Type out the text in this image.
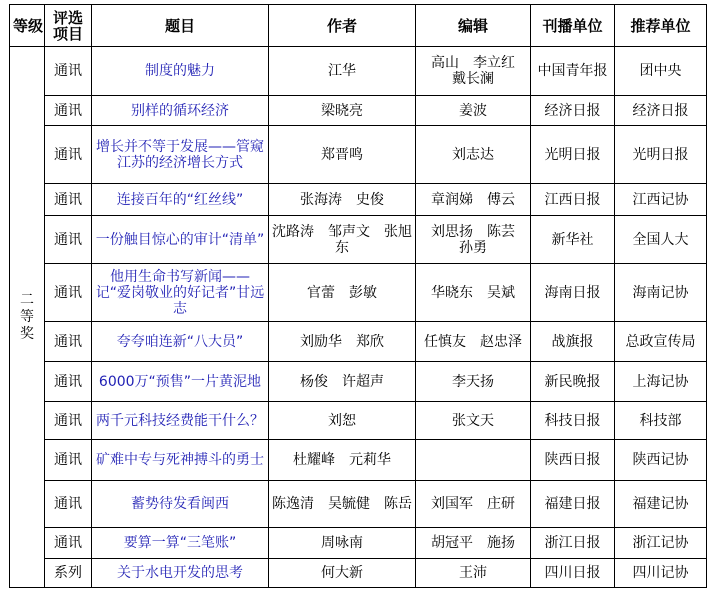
等级	评选项目	题目	作者	编辑	刊播单位	推荐单位
二等奖	通讯	制度的魅力	江华	高山　李立红　戴长澜	中国青年报	团中央
	通讯	别样的循环经济	梁晓亮	姜波	经济日报	经济日报
	通讯	增长并不等于发展——管窥江苏的经济增长方式	郑晋鸣	刘志达	光明日报	光明日报
	通讯	连接百年的“红丝线”	张海涛　史俊	章润娣　傅云	江西日报	江西记协
	通讯	一份触目惊心的审计“清单”	沈路涛　邹声文　张旭东	刘思扬　陈芸　孙勇	新华社	全国人大
	通讯	他用生命书写新闻——记“爱岗敬业的好记者”甘远志	官蕾　彭敏	华晓东　吴斌	海南日报	海南记协
	通讯	夸夸咱连新“八大员”	刘励华　郑欣	任慎友　赵忠泽	战旗报	总政宣传局
	通讯	6000万“预售”一片黄泥地	杨俊　许超声	李天扬	新民晚报	上海记协
	通讯	两千元科技经费能干什么？	刘恕	张文天	科技日报	科技部
	通讯	矿难中专与死神搏斗的勇士	杜耀峰　元莉华		陕西日报	陕西记协
	通讯	蓄势待发看闽西	陈逸清　吴毓健　陈岳	刘国军　庄研	福建日报	福建记协
	通讯	要算一算“三笔账”	周咏南	胡冠平　施扬	浙江日报	浙江记协
	系列	关于水电开发的思考	何大新	王沛	四川日报	四川记协
